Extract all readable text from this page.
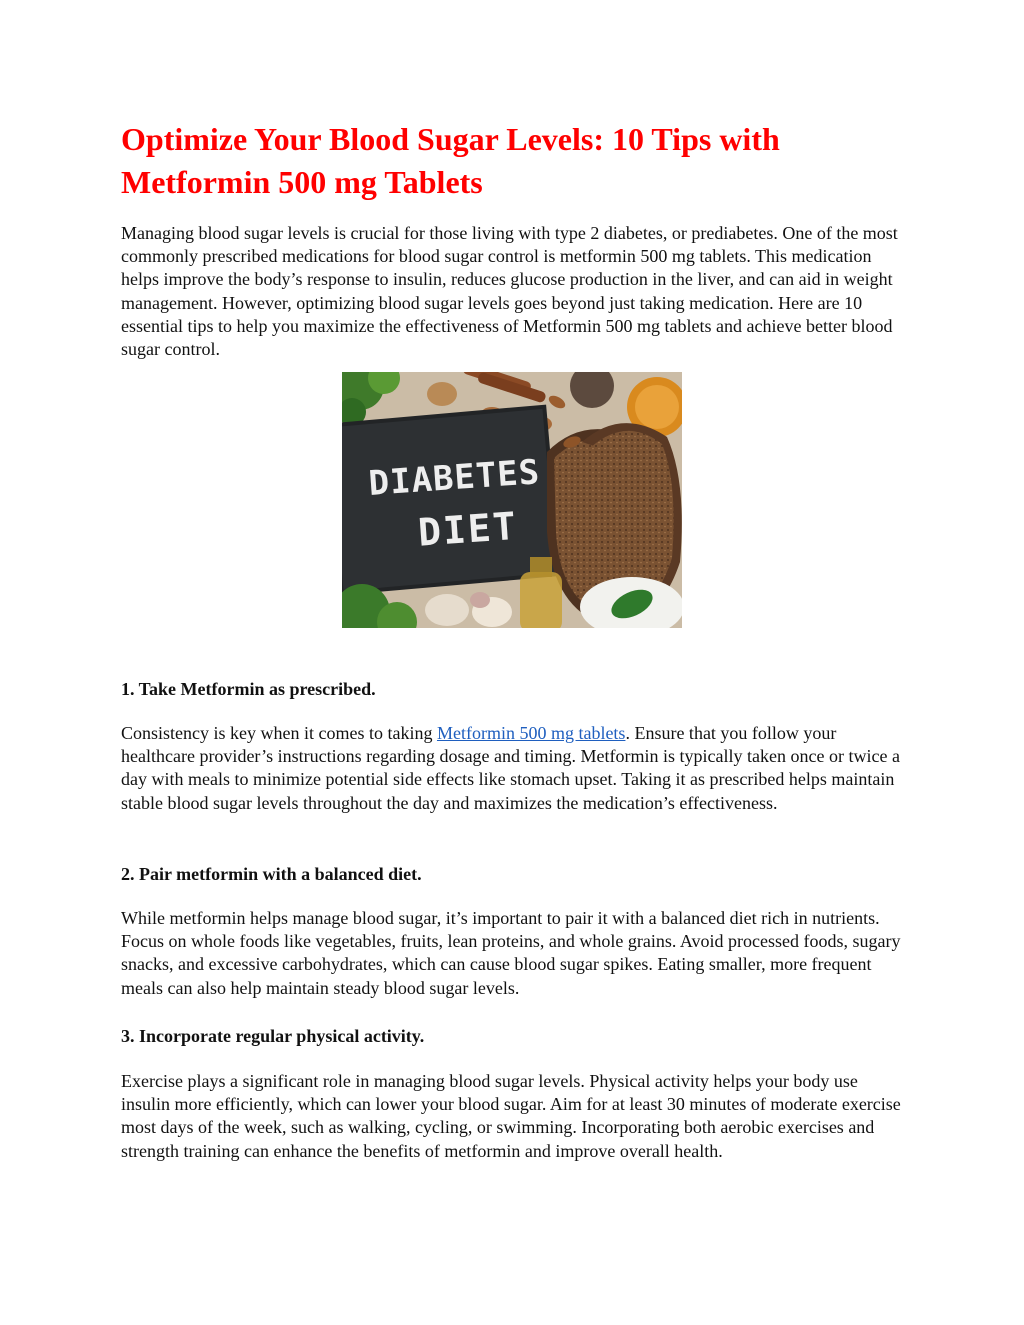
Optimize Your Blood Sugar Levels: 10 Tips with Metformin 500 mg Tablets

Managing blood sugar levels is crucial for those living with type 2 diabetes, or prediabetes. One of the most commonly prescribed medications for blood sugar control is metformin 500 mg tablets. This medication helps improve the body’s response to insulin, reduces glucose production in the liver, and can aid in weight management. However, optimizing blood sugar levels goes beyond just taking medication. Here are 10 essential tips to help you maximize the effectiveness of Metformin 500 mg tablets and achieve better blood sugar control.

DIABETES
DIET

1. Take Metformin as prescribed.

Consistency is key when it comes to taking Metformin 500 mg tablets. Ensure that you follow your healthcare provider’s instructions regarding dosage and timing. Metformin is typically taken once or twice a day with meals to minimize potential side effects like stomach upset. Taking it as prescribed helps maintain stable blood sugar levels throughout the day and maximizes the medication’s effectiveness.

2. Pair metformin with a balanced diet.

While metformin helps manage blood sugar, it’s important to pair it with a balanced diet rich in nutrients. Focus on whole foods like vegetables, fruits, lean proteins, and whole grains. Avoid processed foods, sugary snacks, and excessive carbohydrates, which can cause blood sugar spikes. Eating smaller, more frequent meals can also help maintain steady blood sugar levels.

3. Incorporate regular physical activity.

Exercise plays a significant role in managing blood sugar levels. Physical activity helps your body use insulin more efficiently, which can lower your blood sugar. Aim for at least 30 minutes of moderate exercise most days of the week, such as walking, cycling, or swimming. Incorporating both aerobic exercises and strength training can enhance the benefits of metformin and improve overall health.
